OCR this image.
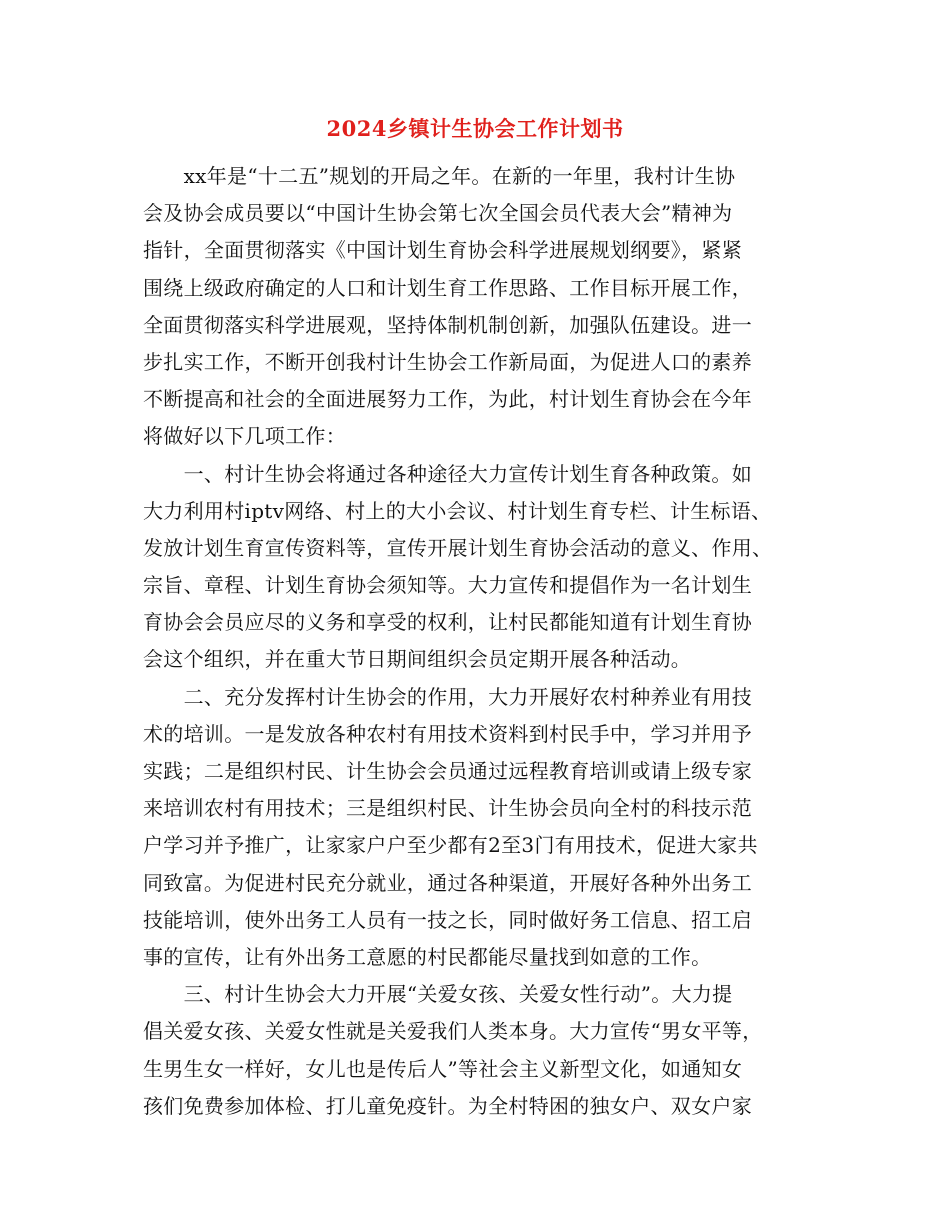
2024乡镇计生协会工作计划书
　　xx年是“十二五”规划的开局之年。在新的一年里，我村计生协
会及协会成员要以“中国计生协会第七次全国会员代表大会”精神为
指针，全面贯彻落实《中国计划生育协会科学进展规划纲要》，紧紧
围绕上级政府确定的人口和计划生育工作思路、工作目标开展工作，
全面贯彻落实科学进展观，坚持体制机制创新，加强队伍建设。进一
步扎实工作，不断开创我村计生协会工作新局面，为促进人口的素养
不断提高和社会的全面进展努力工作，为此，村计划生育协会在今年
将做好以下几项工作：
　　一、村计生协会将通过各种途径大力宣传计划生育各种政策。如
大力利用村iptv网络、村上的大小会议、村计划生育专栏、计生标语、
发放计划生育宣传资料等，宣传开展计划生育协会活动的意义、作用、
宗旨、章程、计划生育协会须知等。大力宣传和提倡作为一名计划生
育协会会员应尽的义务和享受的权利，让村民都能知道有计划生育协
会这个组织，并在重大节日期间组织会员定期开展各种活动。
　　二、充分发挥村计生协会的作用，大力开展好农村种养业有用技
术的培训。一是发放各种农村有用技术资料到村民手中，学习并用予
实践；二是组织村民、计生协会会员通过远程教育培训或请上级专家
来培训农村有用技术；三是组织村民、计生协会员向全村的科技示范
户学习并予推广，让家家户户至少都有2至3门有用技术，促进大家共
同致富。为促进村民充分就业，通过各种渠道，开展好各种外出务工
技能培训，使外出务工人员有一技之长，同时做好务工信息、招工启
事的宣传，让有外出务工意愿的村民都能尽量找到如意的工作。
　　三、村计生协会大力开展“关爱女孩、关爱女性行动”。大力提
倡关爱女孩、关爱女性就是关爱我们人类本身。大力宣传“男女平等，
生男生女一样好，女儿也是传后人”等社会主义新型文化，如通知女
孩们免费参加体检、打儿童免疫针。为全村特困的独女户、双女户家
